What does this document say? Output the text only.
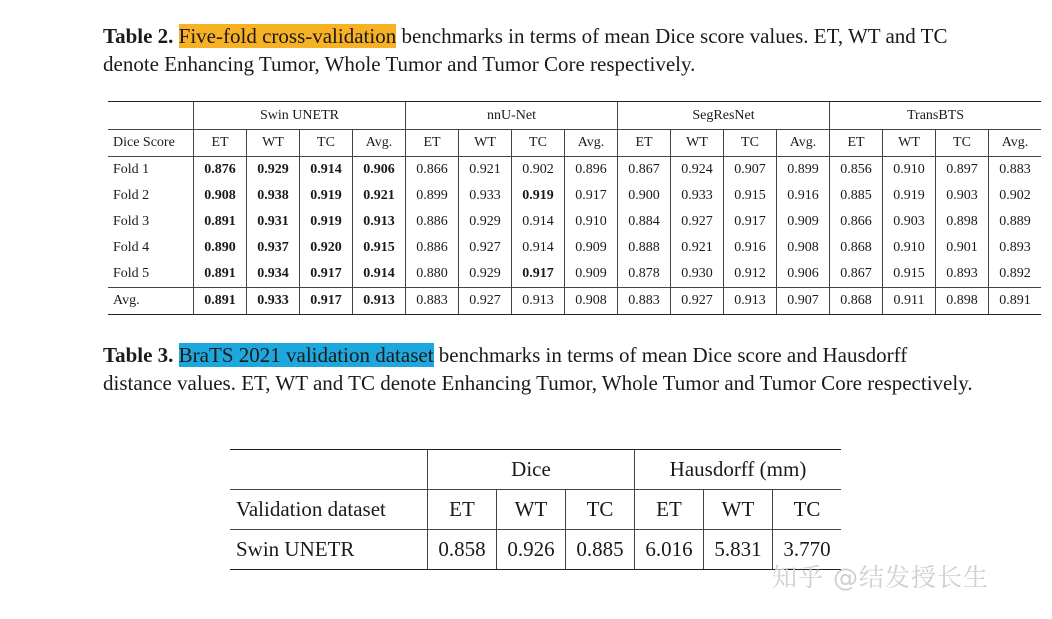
Table 2. Five-fold cross-validation benchmarks in terms of mean Dice score values. ET, WT and TC denote Enhancing Tumor, Whole Tumor and Tumor Core respectively.

	Swin UNETR				nnU-Net				SegResNet				TransBTS			
Dice Score	ET	WT	TC	Avg.	ET	WT	TC	Avg.	ET	WT	TC	Avg.	ET	WT	TC	Avg.
Fold 1	0.876	0.929	0.914	0.906	0.866	0.921	0.902	0.896	0.867	0.924	0.907	0.899	0.856	0.910	0.897	0.883
Fold 2	0.908	0.938	0.919	0.921	0.899	0.933	0.919	0.917	0.900	0.933	0.915	0.916	0.885	0.919	0.903	0.902
Fold 3	0.891	0.931	0.919	0.913	0.886	0.929	0.914	0.910	0.884	0.927	0.917	0.909	0.866	0.903	0.898	0.889
Fold 4	0.890	0.937	0.920	0.915	0.886	0.927	0.914	0.909	0.888	0.921	0.916	0.908	0.868	0.910	0.901	0.893
Fold 5	0.891	0.934	0.917	0.914	0.880	0.929	0.917	0.909	0.878	0.930	0.912	0.906	0.867	0.915	0.893	0.892
Avg.	0.891	0.933	0.917	0.913	0.883	0.927	0.913	0.908	0.883	0.927	0.913	0.907	0.868	0.911	0.898	0.891

Table 3. BraTS 2021 validation dataset benchmarks in terms of mean Dice score and Hausdorff distance values. ET, WT and TC denote Enhancing Tumor, Whole Tumor and Tumor Core respectively.

	Dice			Hausdorff (mm)		
Validation dataset	ET	WT	TC	ET	WT	TC
Swin UNETR	0.858	0.926	0.885	6.016	5.831	3.770
知乎 @结发授长生
